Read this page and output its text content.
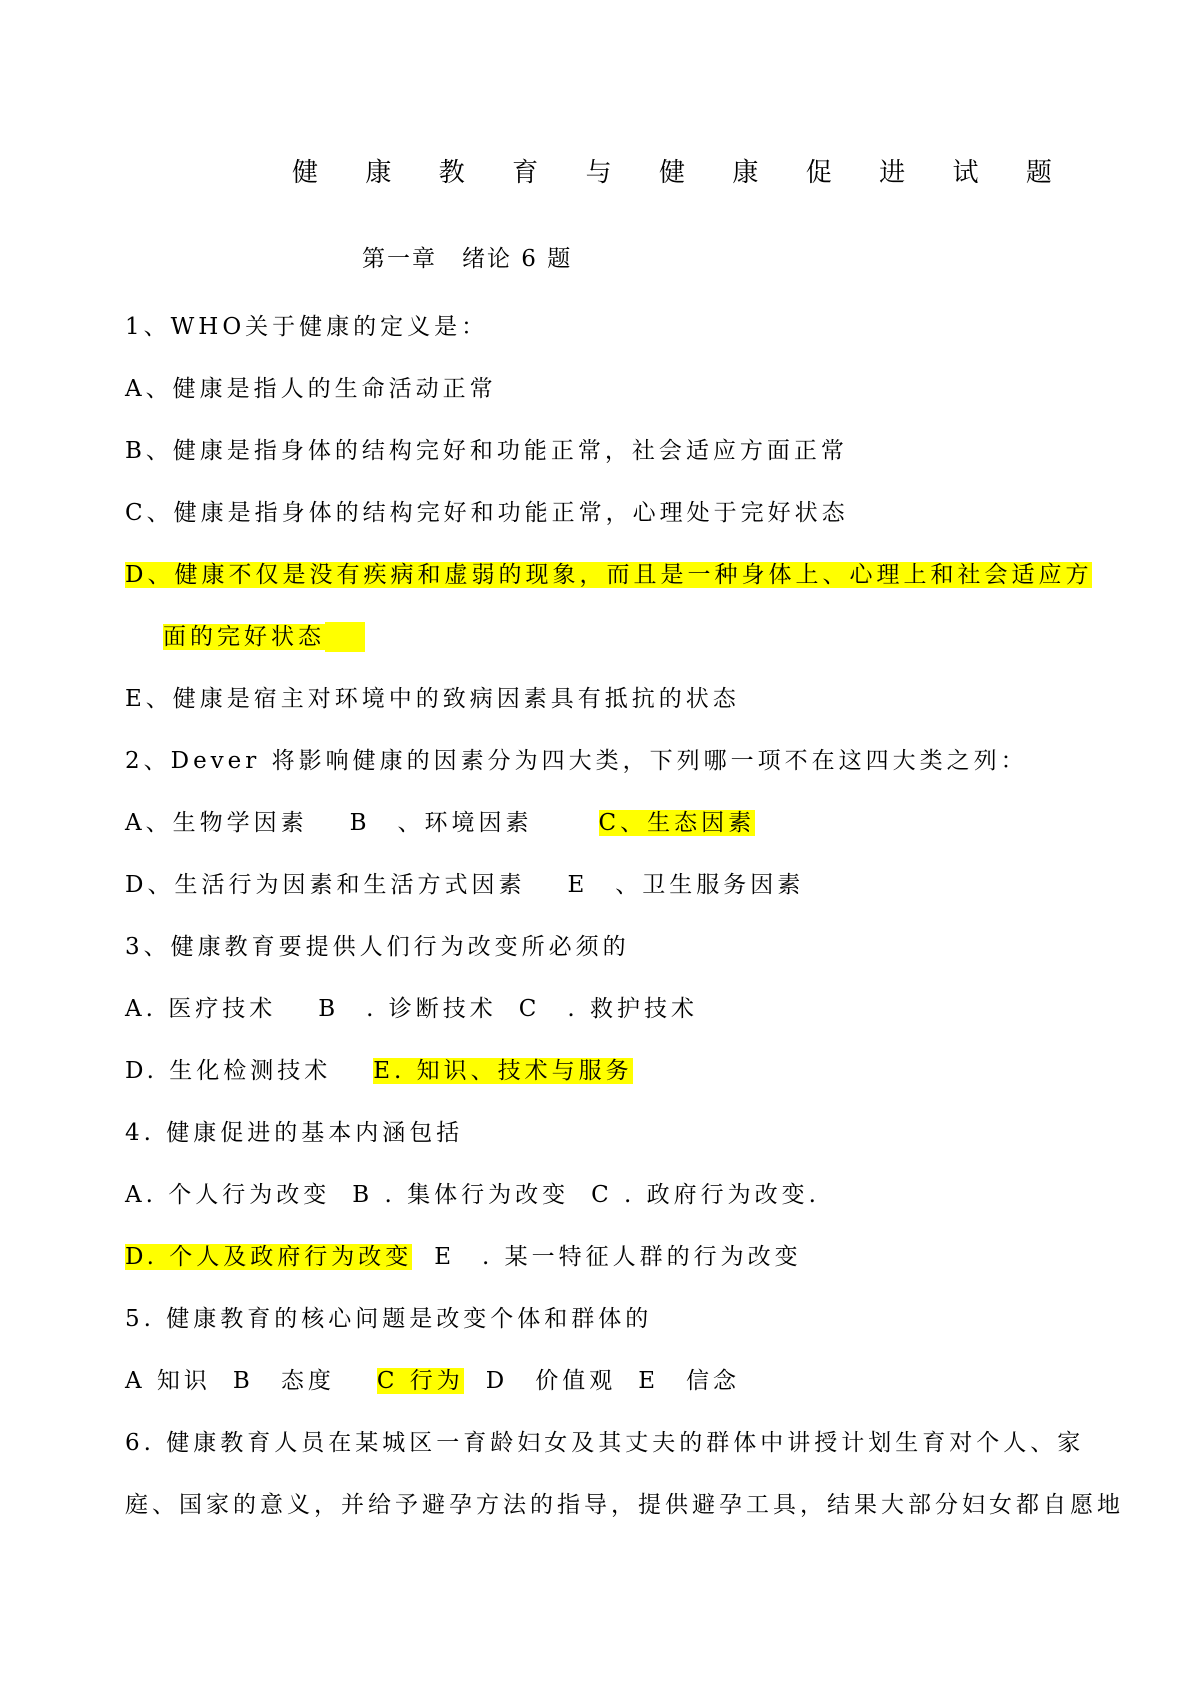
健 康 教 育 与 健 康 促 进 试 题
第一章　绪论 6 题
1、WHO关于健康的定义是：
A、健康是指人的生命活动正常
B、健康是指身体的结构完好和功能正常，社会适应方面正常
C、健康是指身体的结构完好和功能正常，心理处于完好状态
D、健康不仅是没有疾病和虚弱的现象，而且是一种身体上、心理上和社会适应方
面的完好状态
E、健康是宿主对环境中的致病因素具有抵抗的状态
2、Dever 将影响健康的因素分为四大类，下列哪一项不在这四大类之列：
A、生物学因素 B　、环境因素	C、生态因素
D、生活行为因素和生活方式因素 E　、卫生服务因素
3、健康教育要提供人们行为改变所必须的
A. 医疗技术 B　. 诊断技术 C　. 救护技术
D. 生化检测技术 E. 知识、技术与服务
4. 健康促进的基本内涵包括
A. 个人行为改变 B . 集体行为改变 C . 政府行为改变.
D. 个人及政府行为改变 E　. 某一特征人群的行为改变
5. 健康教育的核心问题是改变个体和群体的
A 知识 B　态度 C 行为 D　价值观 E　信念
6. 健康教育人员在某城区一育龄妇女及其丈夫的群体中讲授计划生育对个人、家
庭、国家的意义，并给予避孕方法的指导，提供避孕工具，结果大部分妇女都自愿地
